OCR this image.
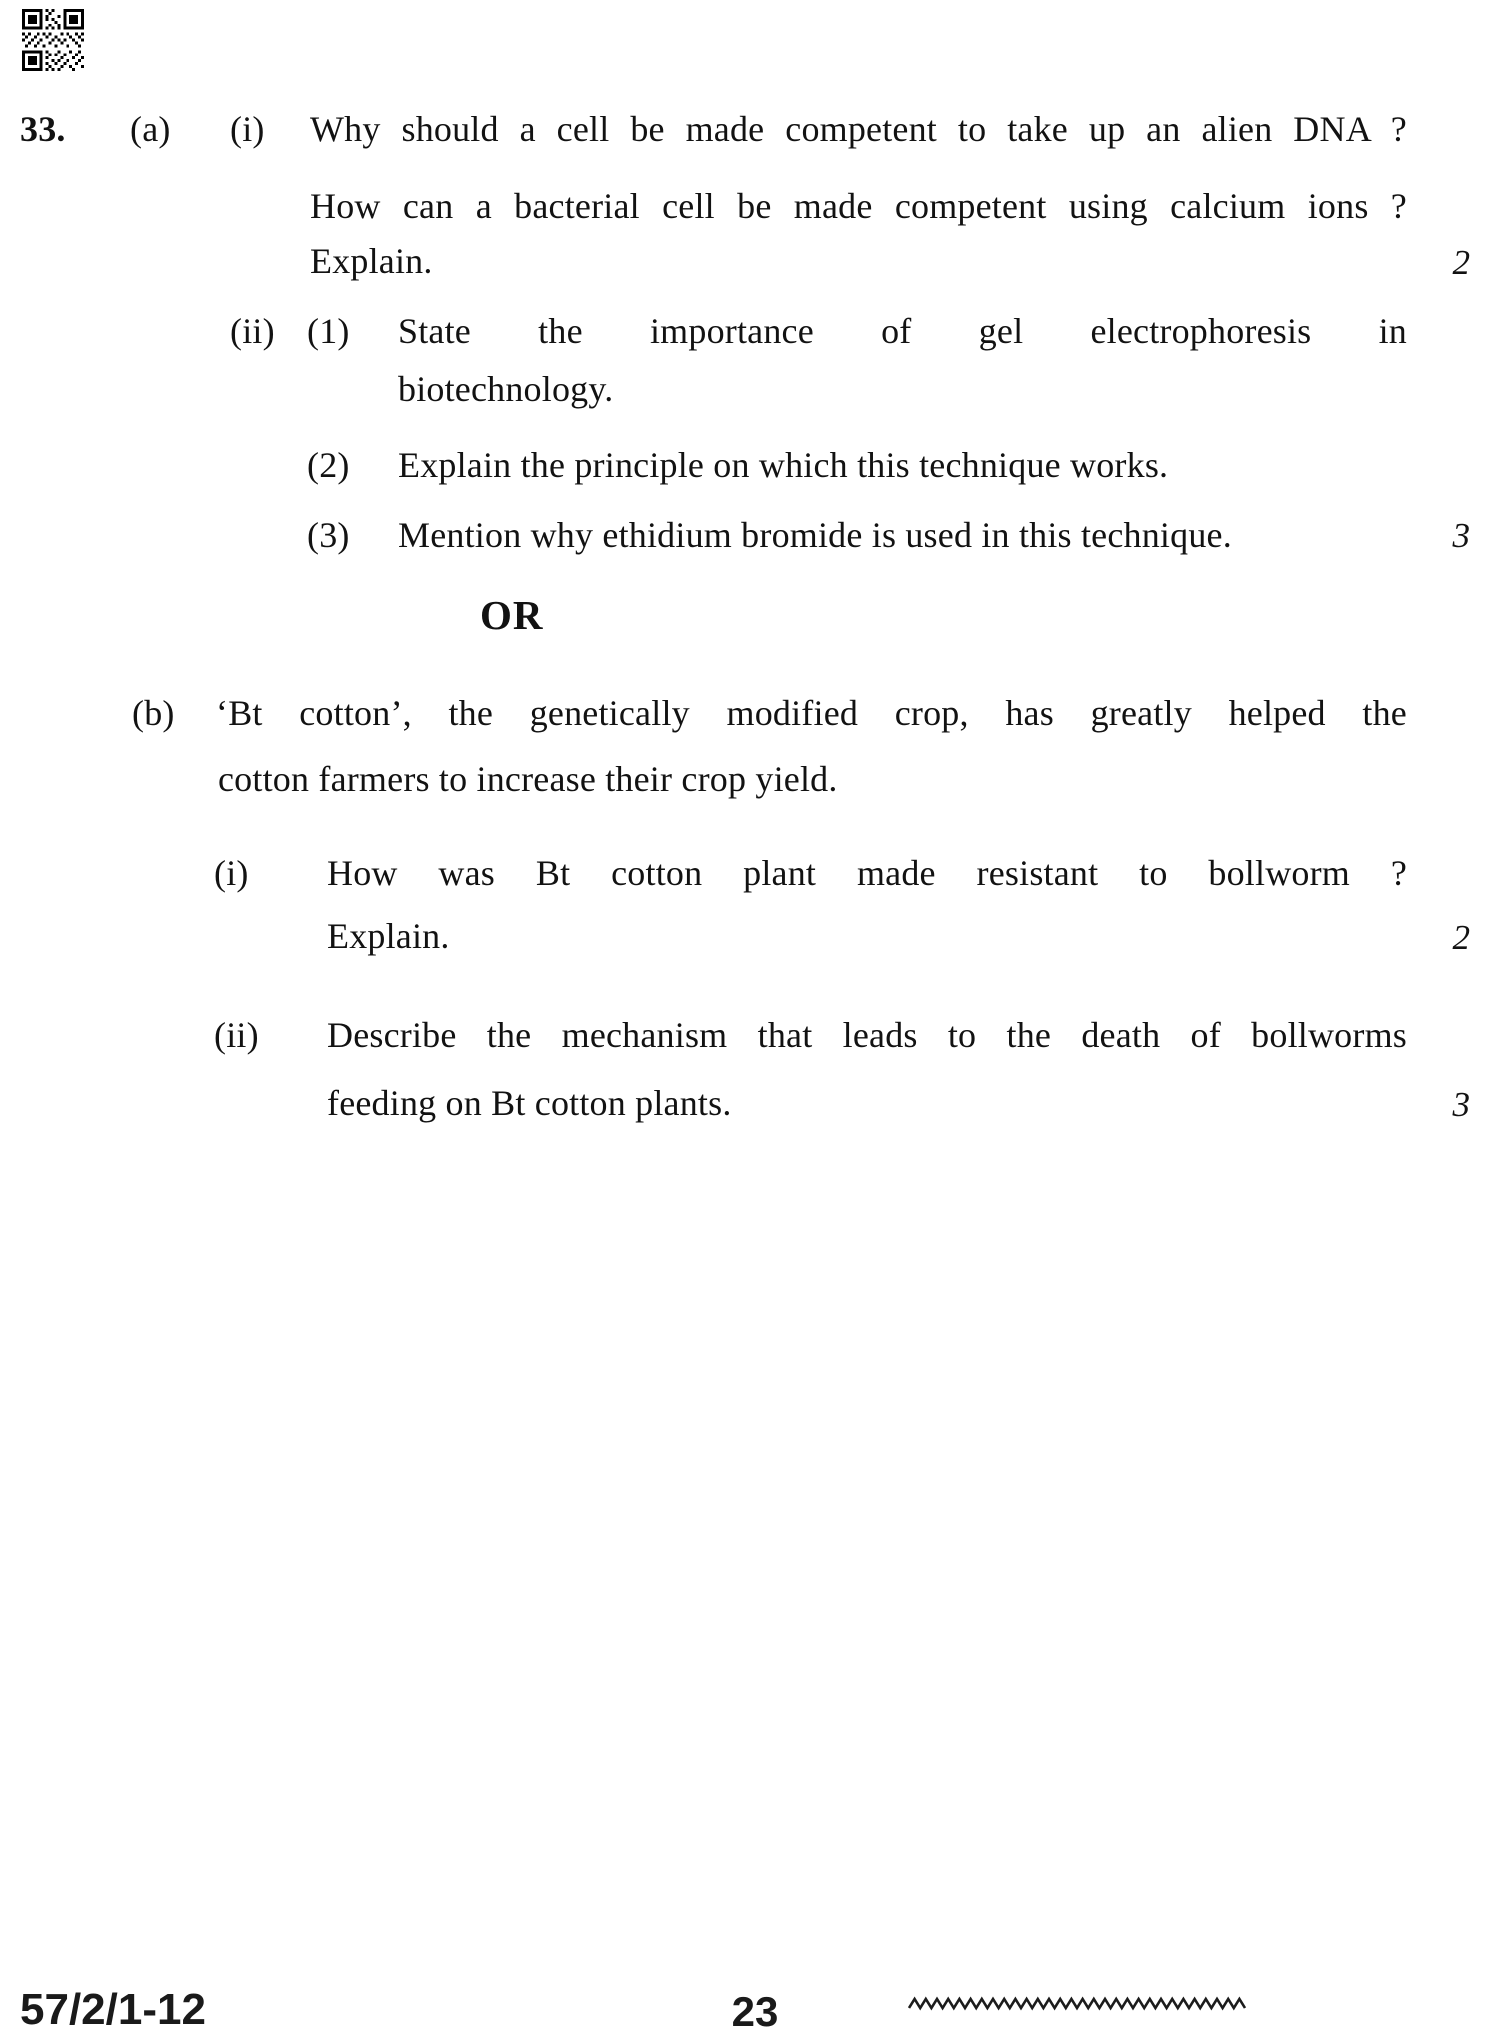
33. (a) (i) Why should a cell be made competent to take up an alien DNA ?
How can a bacterial cell be made competent using calcium ions ?
Explain.	2
(ii) (1) State the importance of gel electrophoresis in
biotechnology.
(2) Explain the principle on which this technique works.
(3) Mention why ethidium bromide is used in this technique.	3
OR
(b) ‘Bt cotton’, the genetically modified crop, has greatly helped the
cotton farmers to increase their crop yield.
(i) How was Bt cotton plant made resistant to bollworm ?
Explain.	2
(ii) Describe the mechanism that leads to the death of bollworms
feeding on Bt cotton plants.	3
57/2/1-12	23
